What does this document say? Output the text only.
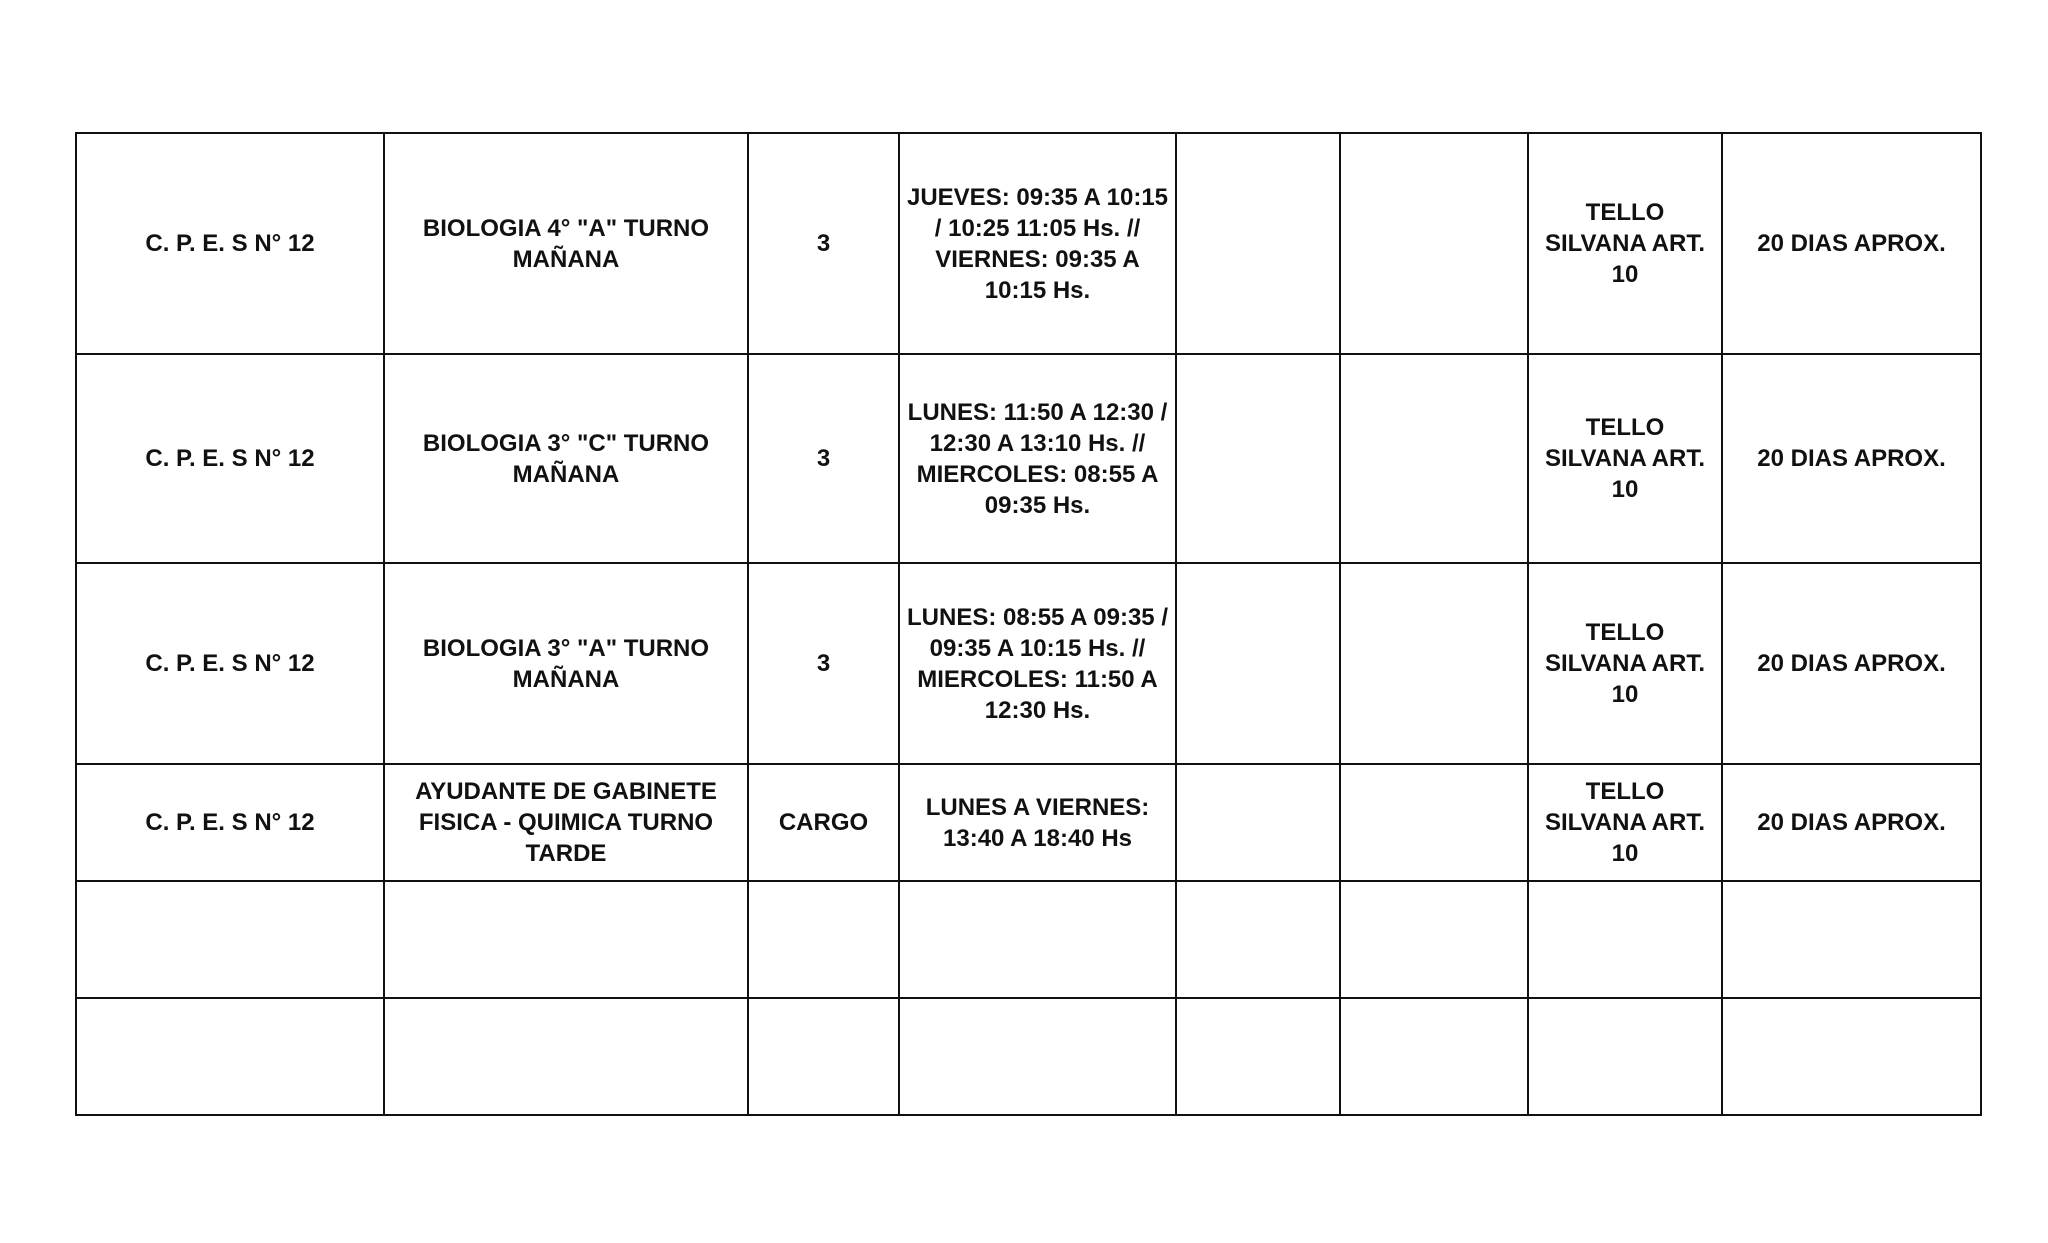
C. P. E. S N° 12	BIOLOGIA 4° "A" TURNO MAÑANA	3	JUEVES: 09:35 A 10:15 / 10:25 11:05 Hs. // VIERNES: 09:35 A 10:15 Hs.			TELLO SILVANA ART. 10	20 DIAS APROX.

C. P. E. S N° 12	BIOLOGIA 3° "C" TURNO MAÑANA	3	LUNES: 11:50 A 12:30 / 12:30 A 13:10 Hs. // MIERCOLES: 08:55 A 09:35 Hs.			TELLO SILVANA ART. 10	20 DIAS APROX.

C. P. E. S N° 12	BIOLOGIA 3° "A" TURNO MAÑANA	3	LUNES: 08:55 A 09:35 / 09:35 A 10:15 Hs. // MIERCOLES: 11:50 A 12:30 Hs.			TELLO SILVANA ART. 10	20 DIAS APROX.

C. P. E. S N° 12	AYUDANTE DE GABINETE FISICA - QUIMICA TURNO TARDE	CARGO	LUNES A VIERNES: 13:40 A 18:40 Hs			TELLO SILVANA ART. 10	20 DIAS APROX.
